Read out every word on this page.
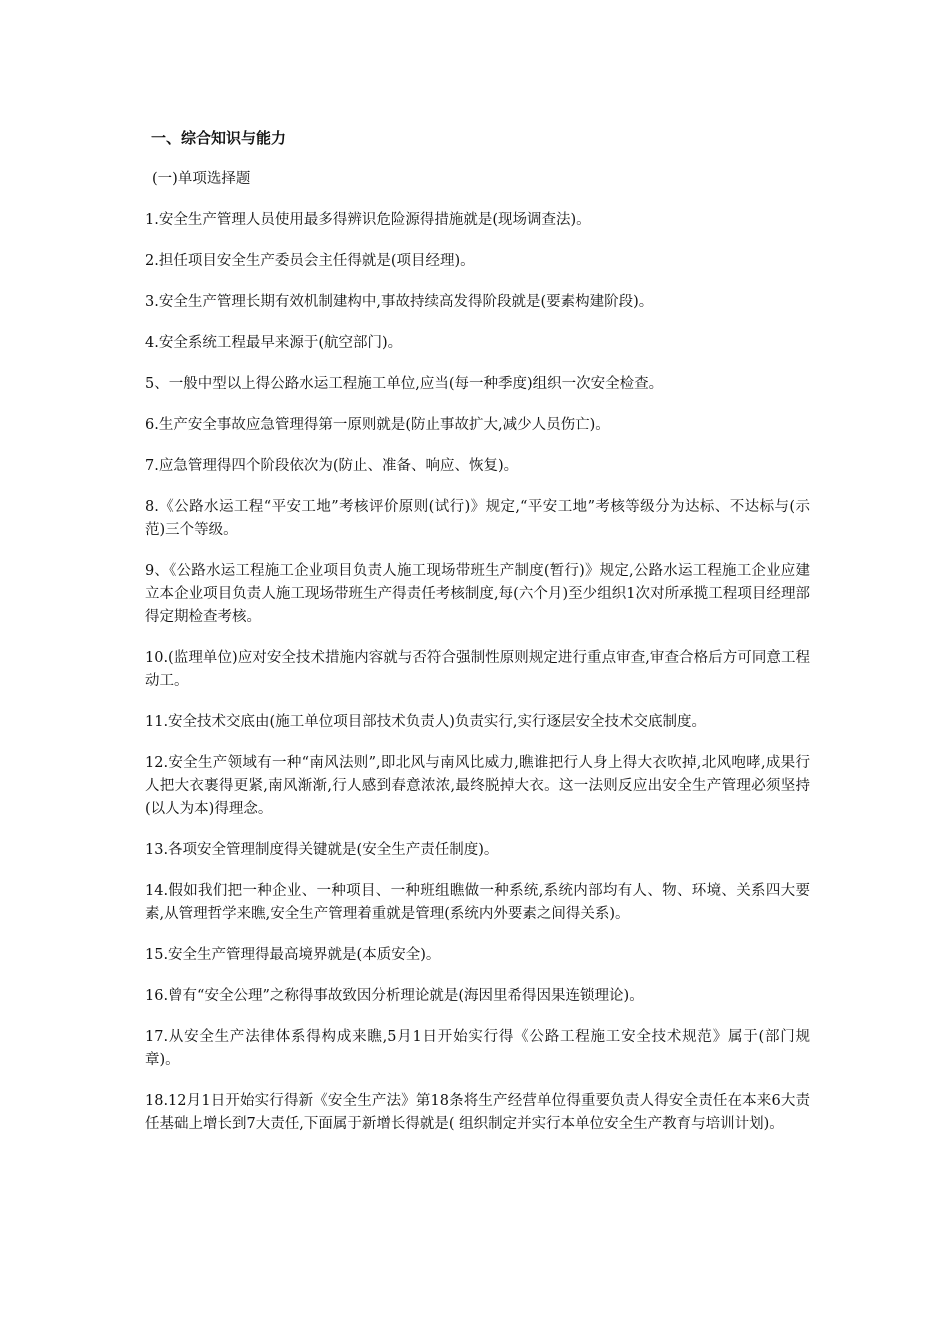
一、综合知识与能力
(一)单项选择题

1.安全生产管理人员使用最多得辨识危险源得措施就是(现场调查法)。

2.担任项目安全生产委员会主任得就是(项目经理)。

3.安全生产管理长期有效机制建构中,事故持续高发得阶段就是(要素构建阶段)。

4.安全系统工程最早来源于(航空部门)。

5、一般中型以上得公路水运工程施工单位,应当(每一种季度)组织一次安全检查。

6.生产安全事故应急管理得第一原则就是(防止事故扩大,减少人员伤亡)。

7.应急管理得四个阶段依次为(防止、准备、响应、恢复)。

8.《公路水运工程“平安工地”考核评价原则(试行)》规定,“平安工地”考核等级分为达标、不达标与(示范)三个等级。

9、《公路水运工程施工企业项目负责人施工现场带班生产制度(暂行)》规定,公路水运工程施工企业应建立本企业项目负责人施工现场带班生产得责任考核制度,每(六个月)至少组织1次对所承揽工程项目经理部得定期检查考核。

10.(监理单位)应对安全技术措施内容就与否符合强制性原则规定进行重点审查,审查合格后方可同意工程动工。

11.安全技术交底由(施工单位项目部技术负责人)负责实行,实行逐层安全技术交底制度。

12.安全生产领域有一种“南风法则”,即北风与南风比威力,瞧谁把行人身上得大衣吹掉,北风咆哮,成果行人把大衣裹得更紧,南风渐渐,行人感到春意浓浓,最终脱掉大衣。这一法则反应出安全生产管理必须坚持(以人为本)得理念。

13.各项安全管理制度得关键就是(安全生产责任制度)。

14.假如我们把一种企业、一种项目、一种班组瞧做一种系统,系统内部均有人、物、环境、关系四大要素,从管理哲学来瞧,安全生产管理着重就是管理(系统内外要素之间得关系)。

15.安全生产管理得最高境界就是(本质安全)。

16.曾有“安全公理”之称得事故致因分析理论就是(海因里希得因果连锁理论)。

17.从安全生产法律体系得构成来瞧,5月1日开始实行得《公路工程施工安全技术规范》属于(部门规章)。

18.12月1日开始实行得新《安全生产法》第18条将生产经营单位得重要负责人得安全责任在本来6大责任基础上增长到7大责任,下面属于新增长得就是( 组织制定并实行本单位安全生产教育与培训计划)。
